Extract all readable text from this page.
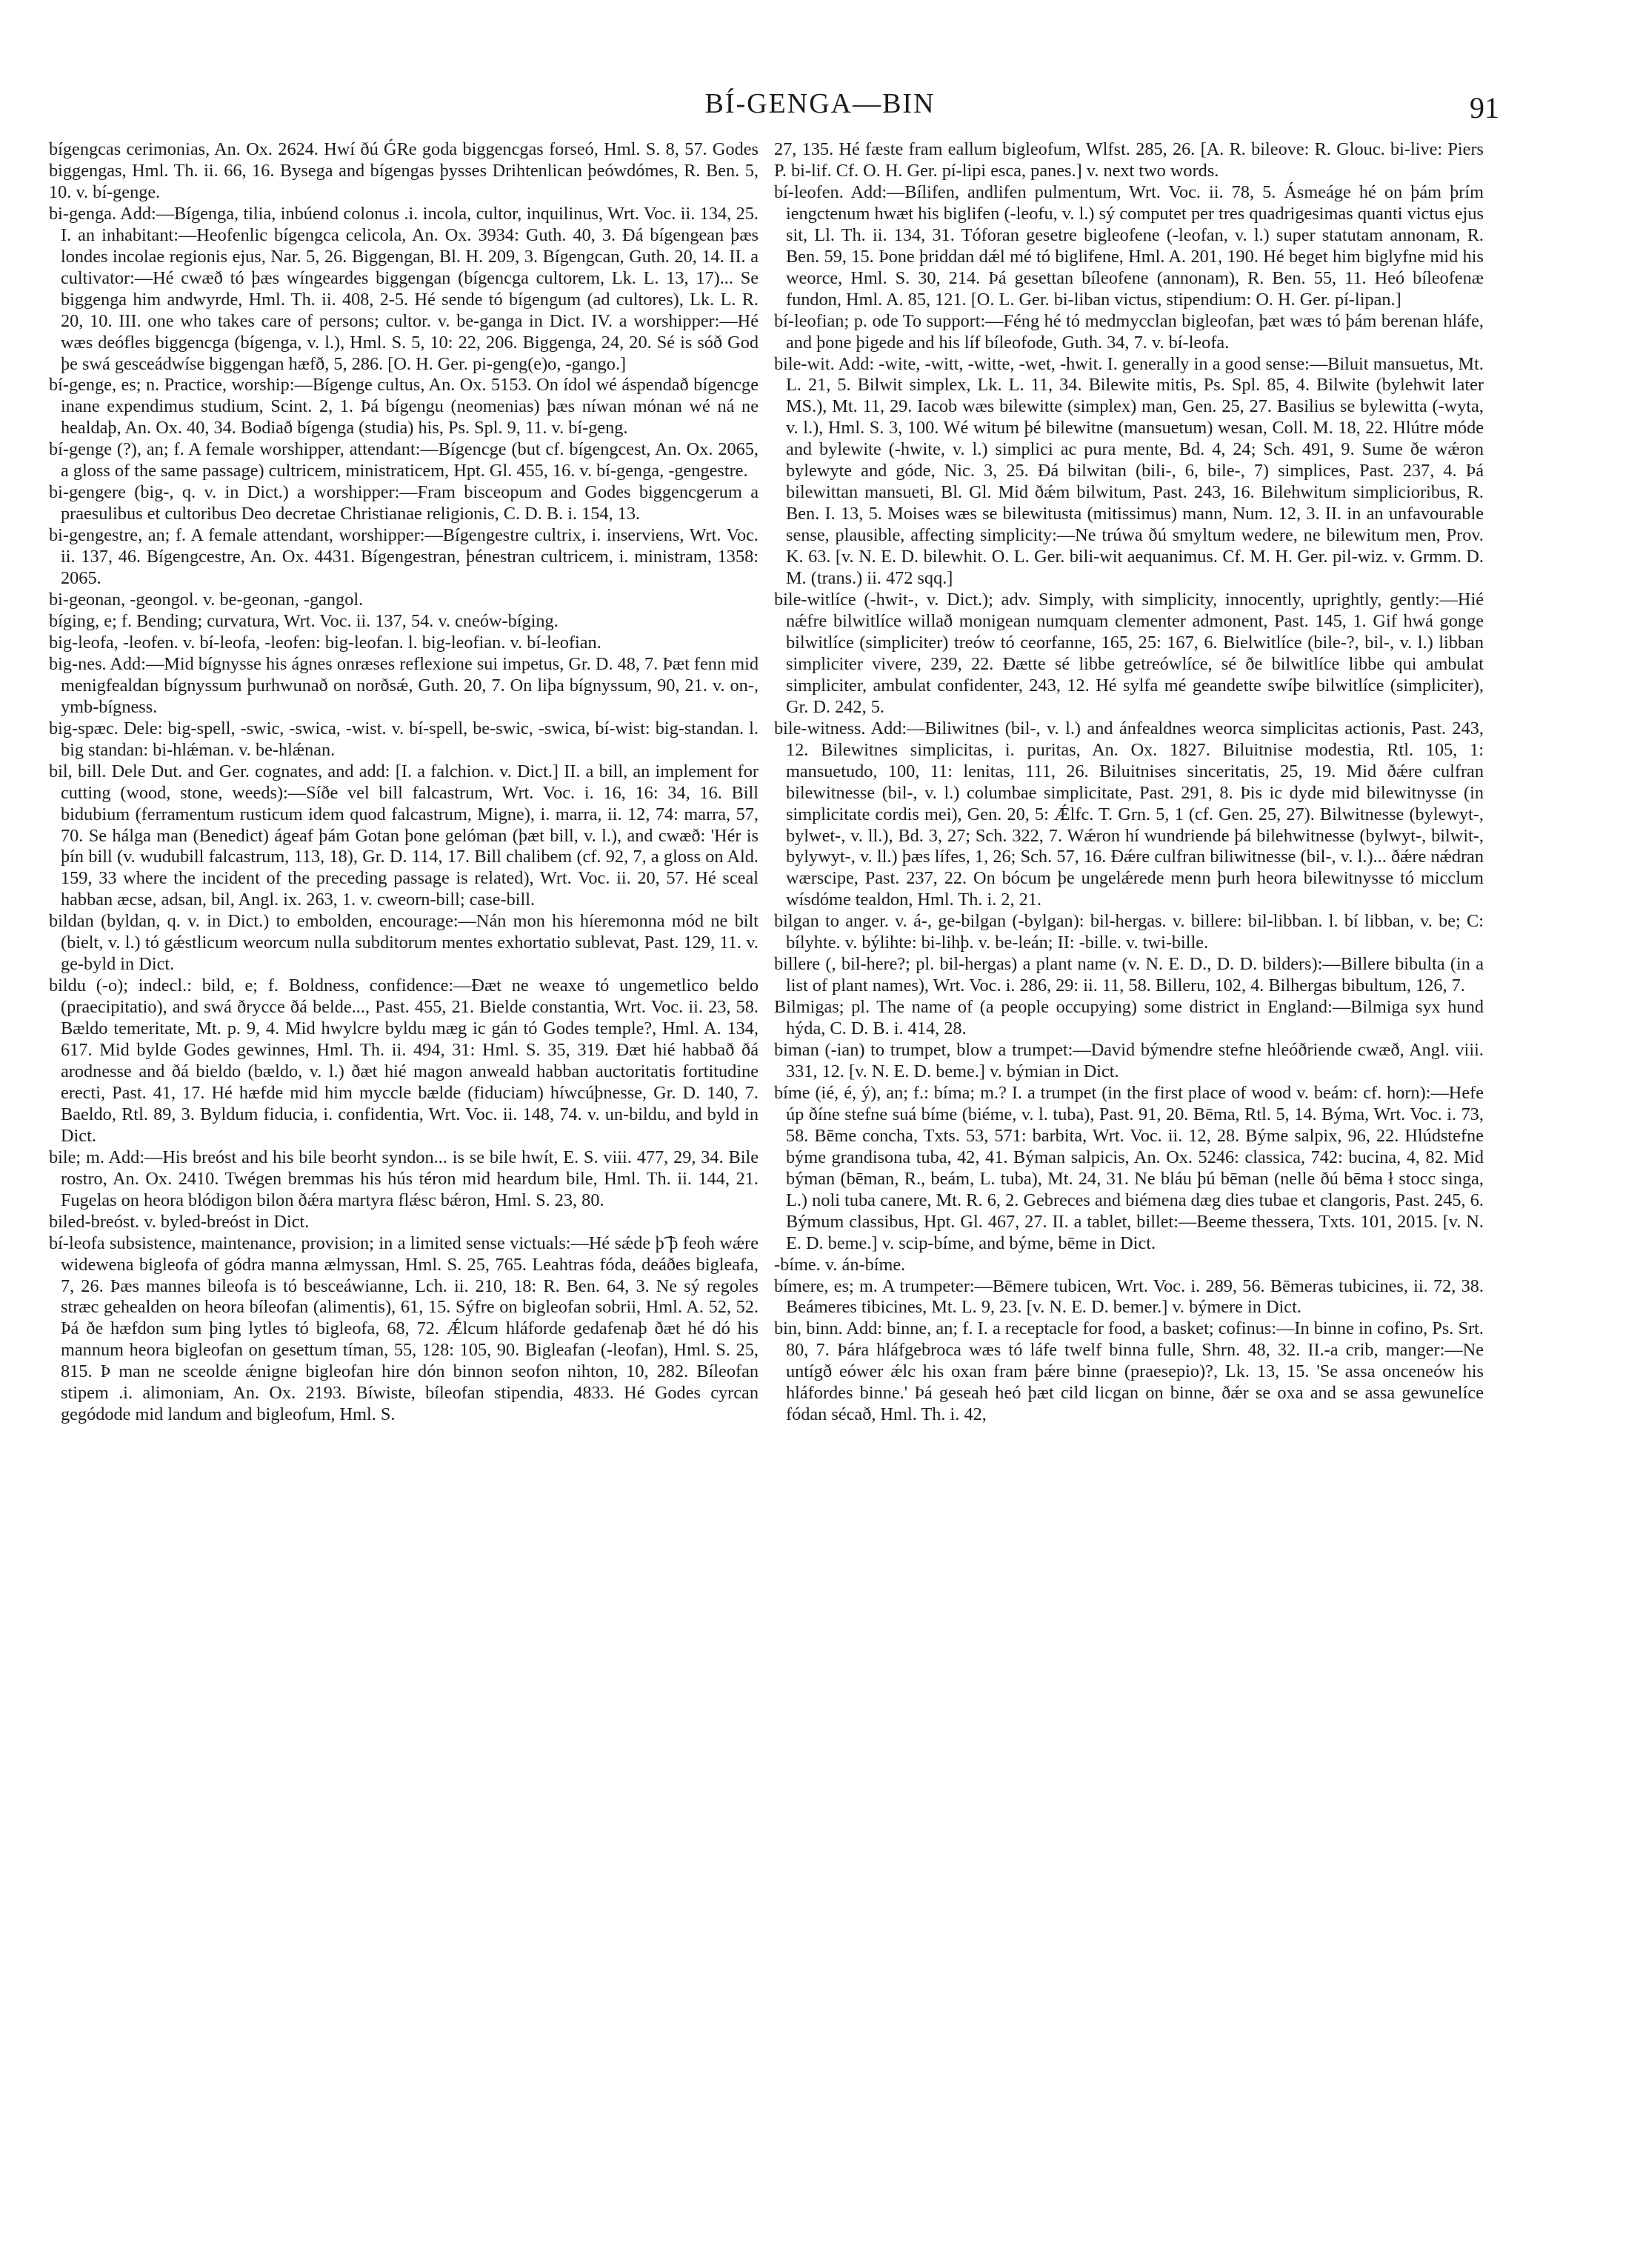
BÍ-GENGA—BIN	91

bígengcas cerimonias, An. Ox. 2624. Hwí ðú ǴRe goda biggencgas forseó, Hml. S. 8, 57. Godes biggengas, Hml. Th. ii. 66, 16. Bysega and bígengas þysses Drihtenlican þeówdómes, R. Ben. 5, 10. v. bí-genge.

bi-genga. Add:—Bígenga, tilia, inbúend colonus .i. incola, cultor, inquilinus, Wrt. Voc. ii. 134, 25. I. an inhabitant:—Heofenlic bígengca celicola, An. Ox. 3934: Guth. 40, 3. Ðá bígengean þæs londes incolae regionis ejus, Nar. 5, 26. Biggengan, Bl. H. 209, 3. Bígengcan, Guth. 20, 14. II. a cultivator:—Hé cwæð tó þæs wíngeardes biggengan (bígencga cultorem, Lk. L. 13, 17)... Se biggenga him andwyrde, Hml. Th. ii. 408, 2-5. Hé sende tó bígengum (ad cultores), Lk. L. R. 20, 10. III. one who takes care of persons; cultor. v. be-ganga in Dict. IV. a worshipper:—Hé wæs deófles biggencga (bígenga, v. l.), Hml. S. 5, 10: 22, 206. Biggenga, 24, 20. Sé is sóð God þe swá gesceádwíse biggengan hæfð, 5, 286. [O. H. Ger. pi-geng(e)o, -gango.]

bí-genge, es; n. Practice, worship:—Bígenge cultus, An. Ox. 5153. On ídol wé áspendað bígencge inane expendimus studium, Scint. 2, 1. Þá bígengu (neomenias) þæs níwan mónan wé ná ne healdaþ, An. Ox. 40, 34. Bodiað bígenga (studia) his, Ps. Spl. 9, 11. v. bí-geng.

bí-genge (?), an; f. A female worshipper, attendant:—Bígencge (but cf. bígengcest, An. Ox. 2065, a gloss of the same passage) cultricem, ministraticem, Hpt. Gl. 455, 16. v. bí-genga, -gengestre.

bi-gengere (big-, q. v. in Dict.) a worshipper:—Fram bisceopum and Godes biggencgerum a praesulibus et cultoribus Deo decretae Christianae religionis, C. D. B. i. 154, 13.

bi-gengestre, an; f. A female attendant, worshipper:—Bígengestre cultrix, i. inserviens, Wrt. Voc. ii. 137, 46. Bígengcestre, An. Ox. 4431. Bígengestran, þénestran cultricem, i. ministram, 1358: 2065.

bi-geonan, -geongol. v. be-geonan, -gangol.

bíging, e; f. Bending; curvatura, Wrt. Voc. ii. 137, 54. v. cneów-bíging.

big-leofa, -leofen. v. bí-leofa, -leofen: big-leofan. l. big-leofian. v. bí-leofian.

big-nes. Add:—Mid bígnysse his ágnes onræses reflexione sui impetus, Gr. D. 48, 7. Þæt fenn mid menigfealdan bígnyssum þurhwunað on norðsǽ, Guth. 20, 7. On liþa bígnyssum, 90, 21. v. on-, ymb-bígness.

big-spæc. Dele: big-spell, -swic, -swica, -wist. v. bí-spell, be-swic, -swica, bí-wist: big-standan. l. big standan: bi-hlǽman. v. be-hlǽnan.

bil, bill. Dele Dut. and Ger. cognates, and add: [I. a falchion. v. Dict.] II. a bill, an implement for cutting (wood, stone, weeds):—Síðe vel bill falcastrum, Wrt. Voc. i. 16, 16: 34, 16. Bill bidubium (ferramentum rusticum idem quod falcastrum, Migne), i. marra, ii. 12, 74: marra, 57, 70. Se hálga man (Benedict) ágeaf þám Gotan þone gelóman (þæt bill, v. l.), and cwæð: 'Hér is þín bill (v. wudubill falcastrum, 113, 18), Gr. D. 114, 17. Bill chalibem (cf. 92, 7, a gloss on Ald. 159, 33 where the incident of the preceding passage is related), Wrt. Voc. ii. 20, 57. Hé sceal habban æcse, adsan, bil, Angl. ix. 263, 1. v. cweorn-bill; case-bill.

bildan (byldan, q. v. in Dict.) to embolden, encourage:—Nán mon his híeremonna mód ne bilt (bielt, v. l.) tó gǽstlicum weorcum nulla subditorum mentes exhortatio sublevat, Past. 129, 11. v. ge-byld in Dict.

bildu (-o); indecl.: bild, e; f. Boldness, confidence:—Ðæt ne weaxe tó ungemetlico beldo (praecipitatio), and swá ðrycce ðá belde..., Past. 455, 21. Bielde constantia, Wrt. Voc. ii. 23, 58. Bældo temeritate, Mt. p. 9, 4. Mid hwylcre byldu mæg ic gán tó Godes temple?, Hml. A. 134, 617. Mid bylde Godes gewinnes, Hml. Th. ii. 494, 31: Hml. S. 35, 319. Ðæt hié habbað ðá arodnesse and ðá bieldo (bældo, v. l.) ðæt hié magon anweald habban auctoritatis fortitudine erecti, Past. 41, 17. Hé hæfde mid him myccle bælde (fiduciam) híwcúþnesse, Gr. D. 140, 7. Baeldo, Rtl. 89, 3. Byldum fiducia, i. confidentia, Wrt. Voc. ii. 148, 74. v. un-bildu, and byld in Dict.

bile; m. Add:—His breóst and his bile beorht syndon... is se bile hwít, E. S. viii. 477, 29, 34. Bile rostro, An. Ox. 2410. Twégen bremmas his hús téron mid heardum bile, Hml. Th. ii. 144, 21. Fugelas on heora blódigon bilon ðǽra martyra flǽsc bǽron, Hml. S. 23, 80.

biled-breóst. v. byled-breóst in Dict.

bí-leofa subsistence, maintenance, provision; in a limited sense victuals:—Hé sǽde þ͡ þ feoh wǽre widewena bigleofa of gódra manna ælmyssan, Hml. S. 25, 765. Leahtras fóda, deáðes bigleafa, 7, 26. Þæs mannes bileofa is tó besceáwianne, Lch. ii. 210, 18: R. Ben. 64, 3. Ne sý regoles stræc gehealden on heora bíleofan (alimentis), 61, 15. Sýfre on bigleofan sobrii, Hml. A. 52, 52. Þá ðe hæfdon sum þing lytles tó bigleofa, 68, 72. Ǽlcum hláforde gedafenaþ ðæt hé dó his mannum heora bigleofan on gesettum tíman, 55, 128: 105, 90. Bigleafan (-leofan), Hml. S. 25, 815. Þ man ne sceolde ǽnigne bigleofan hire dón binnon seofon nihton, 10, 282. Bíleofan stipem .i. alimoniam, An. Ox. 2193. Bíwiste, bíleofan stipendia, 4833. Hé Godes cyrcan gegódode mid landum and bigleofum, Hml. S.

27, 135. Hé fæste fram eallum bigleofum, Wlfst. 285, 26. [A. R. bileove: R. Glouc. bi-live: Piers P. bi-lif. Cf. O. H. Ger. pí-lipi esca, panes.] v. next two words.

bí-leofen. Add:—Bílifen, andlifen pulmentum, Wrt. Voc. ii. 78, 5. Ásmeáge hé on þám þrím iengctenum hwæt his biglifen (-leofu, v. l.) sý computet per tres quadrigesimas quanti victus ejus sit, Ll. Th. ii. 134, 31. Tóforan gesetre bigleofene (-leofan, v. l.) super statutam annonam, R. Ben. 59, 15. Þone þriddan dǽl mé tó biglifene, Hml. A. 201, 190. Hé beget him biglyfne mid his weorce, Hml. S. 30, 214. Þá gesettan bíleofene (annonam), R. Ben. 55, 11. Heó bíleofenæ fundon, Hml. A. 85, 121. [O. L. Ger. bi-liban victus, stipendium: O. H. Ger. pí-lipan.]

bí-leofian; p. ode To support:—Féng hé tó medmycclan bigleofan, þæt wæs tó þám berenan hláfe, and þone þigede and his líf bíleofode, Guth. 34, 7. v. bí-leofa.

bile-wit. Add: -wite, -witt, -witte, -wet, -hwit. I. generally in a good sense:—Biluit mansuetus, Mt. L. 21, 5. Bilwit simplex, Lk. L. 11, 34. Bilewite mitis, Ps. Spl. 85, 4. Bilwite (bylehwit later MS.), Mt. 11, 29. Iacob wæs bilewitte (simplex) man, Gen. 25, 27. Basilius se bylewitta (-wyta, v. l.), Hml. S. 3, 100. Wé witum þé bilewitne (mansuetum) wesan, Coll. M. 18, 22. Hlútre móde and bylewite (-hwite, v. l.) simplici ac pura mente, Bd. 4, 24; Sch. 491, 9. Sume ðe wǽron bylewyte and góde, Nic. 3, 25. Ðá bilwitan (bili-, 6, bile-, 7) simplices, Past. 237, 4. Þá bilewittan mansueti, Bl. Gl. Mid ðǽm bilwitum, Past. 243, 16. Bilehwitum simplicioribus, R. Ben. I. 13, 5. Moises wæs se bilewitusta (mitissimus) mann, Num. 12, 3. II. in an unfavourable sense, plausible, affecting simplicity:—Ne trúwa ðú smyltum wedere, ne bilewitum men, Prov. K. 63. [v. N. E. D. bilewhit. O. L. Ger. bili-wit aequanimus. Cf. M. H. Ger. pil-wiz. v. Grmm. D. M. (trans.) ii. 472 sqq.]

bile-witlíce (-hwit-, v. Dict.); adv. Simply, with simplicity, innocently, uprightly, gently:—Hié nǽfre bilwitlíce willað monigean numquam clementer admonent, Past. 145, 1. Gif hwá gonge bilwitlíce (simpliciter) treów tó ceorfanne, 165, 25: 167, 6. Bielwitlíce (bile-?, bil-, v. l.) libban simpliciter vivere, 239, 22. Ðætte sé libbe getreówlíce, sé ðe bilwitlíce libbe qui ambulat simpliciter, ambulat confidenter, 243, 12. Hé sylfa mé geandette swíþe bilwitlíce (simpliciter), Gr. D. 242, 5.

bile-witness. Add:—Biliwitnes (bil-, v. l.) and ánfealdnes weorca simplicitas actionis, Past. 243, 12. Bilewitnes simplicitas, i. puritas, An. Ox. 1827. Biluitnise modestia, Rtl. 105, 1: mansuetudo, 100, 11: lenitas, 111, 26. Biluitnises sinceritatis, 25, 19. Mid ðǽre culfran bilewitnesse (bil-, v. l.) columbae simplicitate, Past. 291, 8. Þis ic dyde mid bilewitnysse (in simplicitate cordis mei), Gen. 20, 5: Ǽlfc. T. Grn. 5, 1 (cf. Gen. 25, 27). Bilwitnesse (bylewyt-, bylwet-, v. ll.), Bd. 3, 27; Sch. 322, 7. Wǽron hí wundriende þá bilehwitnesse (bylwyt-, bilwit-, bylywyt-, v. ll.) þæs lífes, 1, 26; Sch. 57, 16. Ðǽre culfran biliwitnesse (bil-, v. l.)... ðǽre nǽdran wærscipe, Past. 237, 22. On bócum þe ungelǽrede menn þurh heora bilewitnysse tó micclum wísdóme tealdon, Hml. Th. i. 2, 21.

bilgan to anger. v. á-, ge-bilgan (-bylgan): bil-hergas. v. billere: bil-libban. l. bí libban, v. be; C: bílyhte. v. býlihte: bi-lihþ. v. be-leán; II: -bille. v. twi-bille.

billere (, bil-here?; pl. bil-hergas) a plant name (v. N. E. D., D. D. bilders):—Billere bibulta (in a list of plant names), Wrt. Voc. i. 286, 29: ii. 11, 58. Billeru, 102, 4. Bilhergas bibultum, 126, 7.

Bilmigas; pl. The name of (a people occupying) some district in England:—Bilmiga syx hund hýda, C. D. B. i. 414, 28.

biman (-ian) to trumpet, blow a trumpet:—David býmendre stefne hleóðriende cwæð, Angl. viii. 331, 12. [v. N. E. D. beme.] v. býmian in Dict.

bíme (ié, é, ý), an; f.: bíma; m.? I. a trumpet (in the first place of wood v. beám: cf. horn):—Hefe úp ðíne stefne suá bíme (biéme, v. l. tuba), Past. 91, 20. Bēma, Rtl. 5, 14. Býma, Wrt. Voc. i. 73, 58. Bēme concha, Txts. 53, 571: barbita, Wrt. Voc. ii. 12, 28. Býme salpix, 96, 22. Hlúdstefne býme grandisona tuba, 42, 41. Býman salpicis, An. Ox. 5246: classica, 742: bucina, 4, 82. Mid býman (bēman, R., beám, L. tuba), Mt. 24, 31. Ne bláu þú bēman (nelle ðú bēma ł stocc singa, L.) noli tuba canere, Mt. R. 6, 2. Gebreces and biémena dæg dies tubae et clangoris, Past. 245, 6. Býmum classibus, Hpt. Gl. 467, 27. II. a tablet, billet:—Beeme thessera, Txts. 101, 2015. [v. N. E. D. beme.] v. scip-bíme, and býme, bēme in Dict.

-bíme. v. án-bíme.

bímere, es; m. A trumpeter:—Bēmere tubicen, Wrt. Voc. i. 289, 56. Bēmeras tubicines, ii. 72, 38. Beámeres tibicines, Mt. L. 9, 23. [v. N. E. D. bemer.] v. býmere in Dict.

bin, binn. Add: binne, an; f. I. a receptacle for food, a basket; cofinus:—In binne in cofino, Ps. Srt. 80, 7. Þára hláfgebroca wæs tó láfe twelf binna fulle, Shrn. 48, 32. II.-a crib, manger:—Ne untígð eówer ǽlc his oxan fram þǽre binne (praesepio)?, Lk. 13, 15. 'Se assa onceneów his hláfordes binne.' Þá geseah heó þæt cild licgan on binne, ðǽr se oxa and se assa gewunelíce fódan sécað, Hml. Th. i. 42,
